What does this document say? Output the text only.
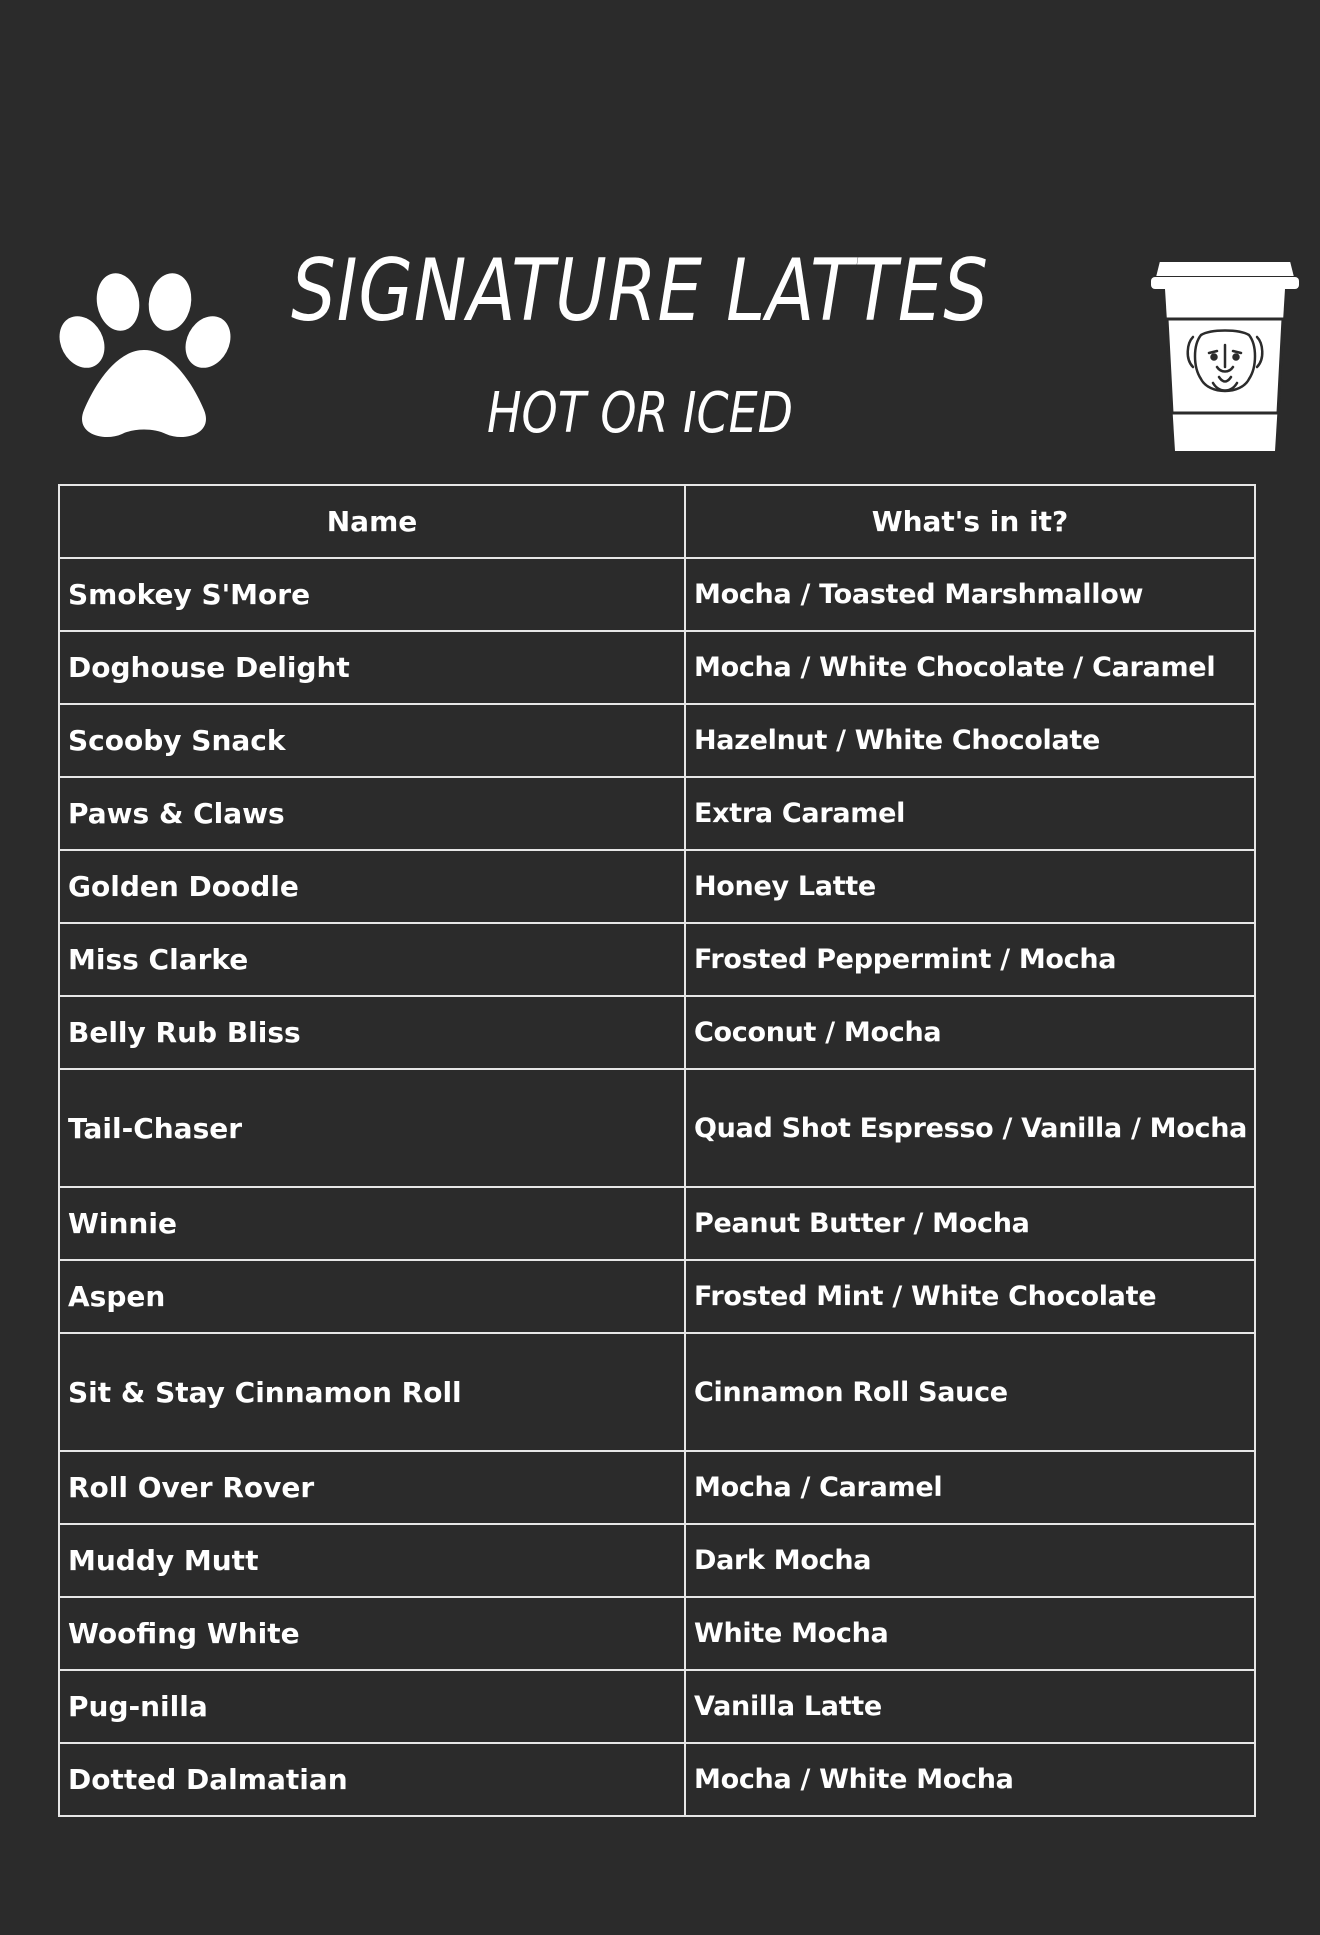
SIGNATURE LATTES
HOT OR ICED
Name	What's in it?
Smokey S'More	Mocha / Toasted Marshmallow
Doghouse Delight	Mocha / White Chocolate / Caramel
Scooby Snack	Hazelnut / White Chocolate
Paws & Claws	Extra Caramel
Golden Doodle	Honey Latte
Miss Clarke	Frosted Peppermint / Mocha
Belly Rub Bliss	Coconut / Mocha
Tail-Chaser	Quad Shot Espresso / Vanilla / Mocha
Winnie	Peanut Butter / Mocha
Aspen	Frosted Mint / White Chocolate
Sit & Stay Cinnamon Roll	Cinnamon Roll Sauce
Roll Over Rover	Mocha / Caramel
Muddy Mutt	Dark Mocha
Woofing White	White Mocha
Pug-nilla	Vanilla Latte
Dotted Dalmatian	Mocha / White Mocha
